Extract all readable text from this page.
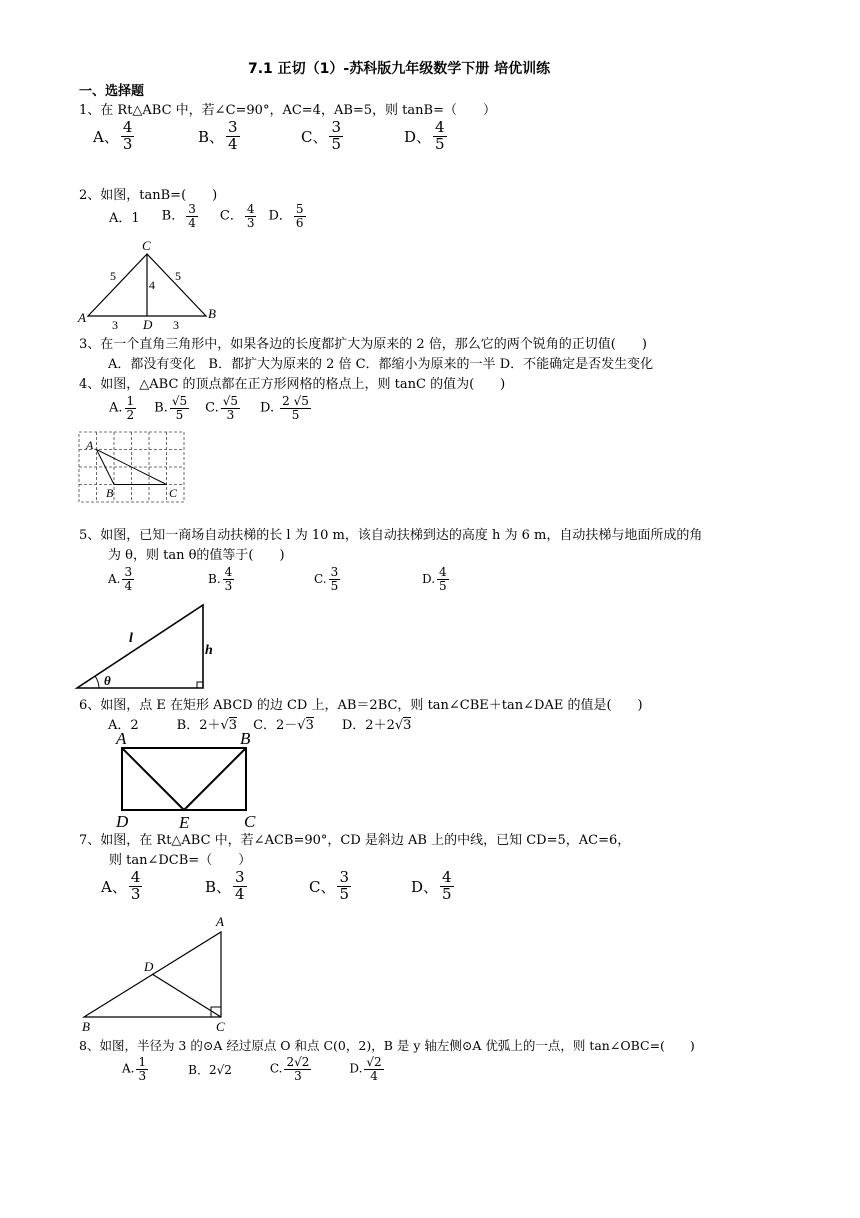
7.1 正切（1）-苏科版九年级数学下册 培优训练
一、选择题
1、在 Rt△ABC 中，若∠C=90°，AC=4，AB=5，则 tanB=（　　）
A、 $\frac{4}{3}$	B、 $\frac{3}{4}$	C、 $\frac{3}{5}$	D、 $\frac{4}{5}$
2、如图，tanB=(　　)
A．1 B． $\frac{3}{4}$ C． $\frac{4}{3}$ D． $\frac{5}{6}$
C
A	B
D
5	5
4
3	3
3、在一个直角三角形中，如果各边的长度都扩大为原来的 2 倍，那么它的两个锐角的正切值(　　)
A．都没有变化　B．都扩大为原来的 2 倍 C．都缩小为原来的一半 D．不能确定是否发生变化
4、如图，△ABC 的顶点都在正方形网格的格点上，则 tanC 的值为(　　)
A. $\frac{1}{2} B$. $\frac{√5}{5} C$. $\frac{√5}{3} D$. $\frac{2 √5}{5}$
A
B	C
5、如图，已知一商场自动扶梯的长 l 为 10 m，该自动扶梯到达的高度 h 为 6 m，自动扶梯与地面所成的角
为 θ，则 tan θ的值等于(　　)
A. $\frac{3}{4}$	B. $\frac{4}{3}$	C. $\frac{3}{5}$	D. $\frac{4}{5}$
l
h
θ
6、如图，点 E 在矩形 ABCD 的边 CD 上，AB＝2BC，则 tan∠CBE＋tan∠DAE 的值是(　　)
A．2	B．2＋√3 C．2－√3 D．2＋2√3
A	B
D	E	C
7、如图，在 Rt△ABC 中，若∠ACB=90°，CD 是斜边 AB 上的中线，已知 CD=5，AC=6，
则 tan∠DCB=（　　）
A、 $\frac{4}{3}$	B、 $\frac{3}{4}$	C、 $\frac{3}{5}$	D、 $\frac{4}{5}$
A
D
B	C
8、如图，半径为 3 的⊙A 经过原点 O 和点 C(0，2)，B 是 y 轴左侧⊙A 优弧上的一点，则 tan∠OBC=(　　)
A. $\frac{1}{3}$	B．2√2	C. $\frac{2√2}{3}$	D. $\frac{√2}{4}$
